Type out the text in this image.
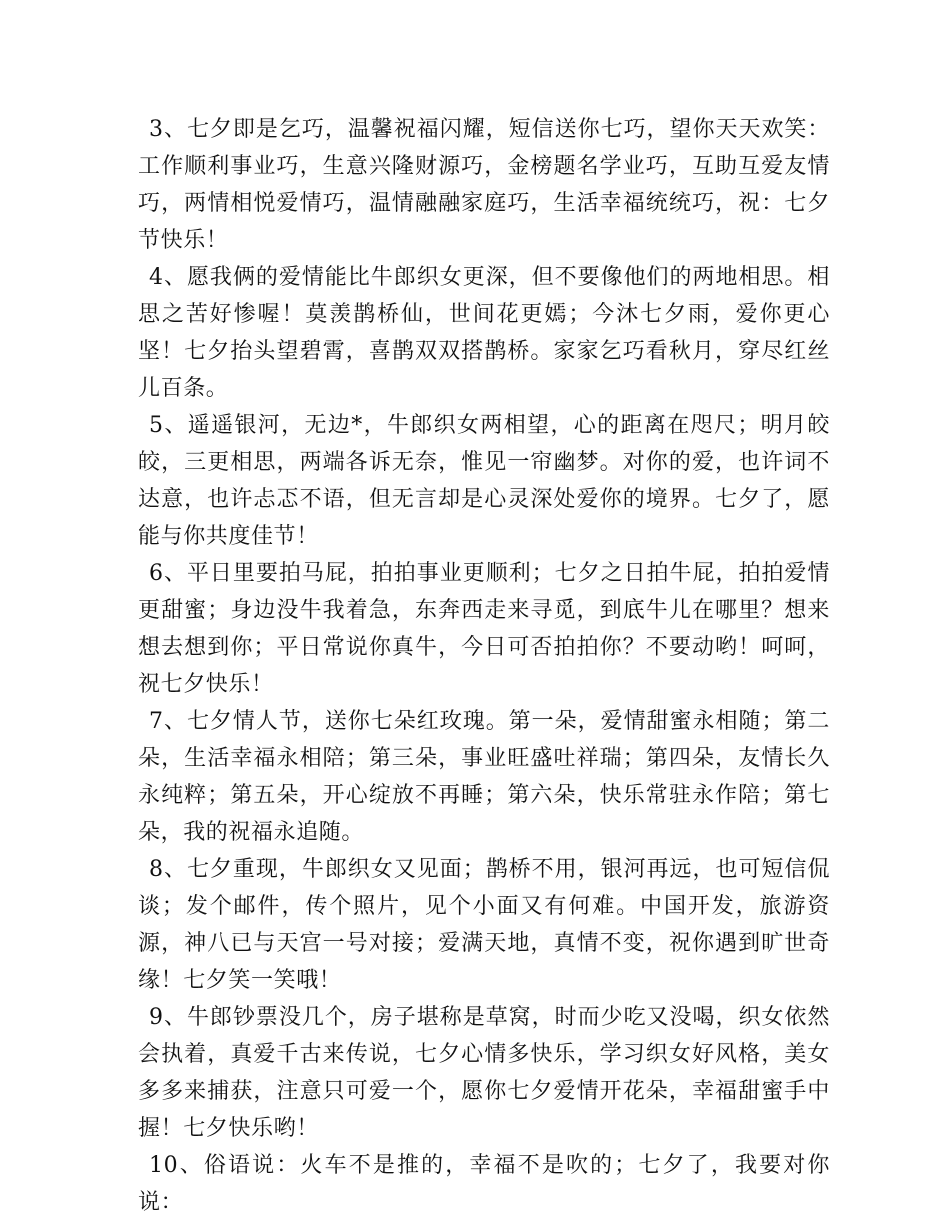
3、七夕即是乞巧，温馨祝福闪耀，短信送你七巧，望你天天欢笑：工作顺利事业巧，生意兴隆财源巧，金榜题名学业巧，互助互爱友情巧，两情相悦爱情巧，温情融融家庭巧，生活幸福统统巧，祝：七夕节快乐！

4、愿我俩的爱情能比牛郎织女更深，但不要像他们的两地相思。相思之苦好惨喔！莫羡鹊桥仙，世间花更嫣；今沐七夕雨，爱你更心坚！七夕抬头望碧霄，喜鹊双双搭鹊桥。家家乞巧看秋月，穿尽红丝儿百条。

5、遥遥银河，无边*，牛郎织女两相望，心的距离在咫尺；明月皎皎，三更相思，两端各诉无奈，惟见一帘幽梦。对你的爱，也许词不达意，也许忐忑不语，但无言却是心灵深处爱你的境界。七夕了，愿能与你共度佳节！

6、平日里要拍马屁，拍拍事业更顺利；七夕之日拍牛屁，拍拍爱情更甜蜜；身边没牛我着急，东奔西走来寻觅，到底牛儿在哪里？想来想去想到你；平日常说你真牛，今日可否拍拍你？不要动哟！呵呵，祝七夕快乐！

7、七夕情人节，送你七朵红玫瑰。第一朵，爱情甜蜜永相随；第二朵，生活幸福永相陪；第三朵，事业旺盛吐祥瑞；第四朵，友情长久永纯粹；第五朵，开心绽放不再睡；第六朵，快乐常驻永作陪；第七朵，我的祝福永追随。

8、七夕重现，牛郎织女又见面；鹊桥不用，银河再远，也可短信侃谈；发个邮件，传个照片，见个小面又有何难。中国开发，旅游资源，神八已与天宫一号对接；爱满天地，真情不变，祝你遇到旷世奇缘！七夕笑一笑哦！

9、牛郎钞票没几个，房子堪称是草窝，时而少吃又没喝，织女依然会执着，真爱千古来传说，七夕心情多快乐，学习织女好风格，美女多多来捕获，注意只可爱一个，愿你七夕爱情开花朵，幸福甜蜜手中握！七夕快乐哟！

10、俗语说：火车不是推的，幸福不是吹的；七夕了，我要对你说：
